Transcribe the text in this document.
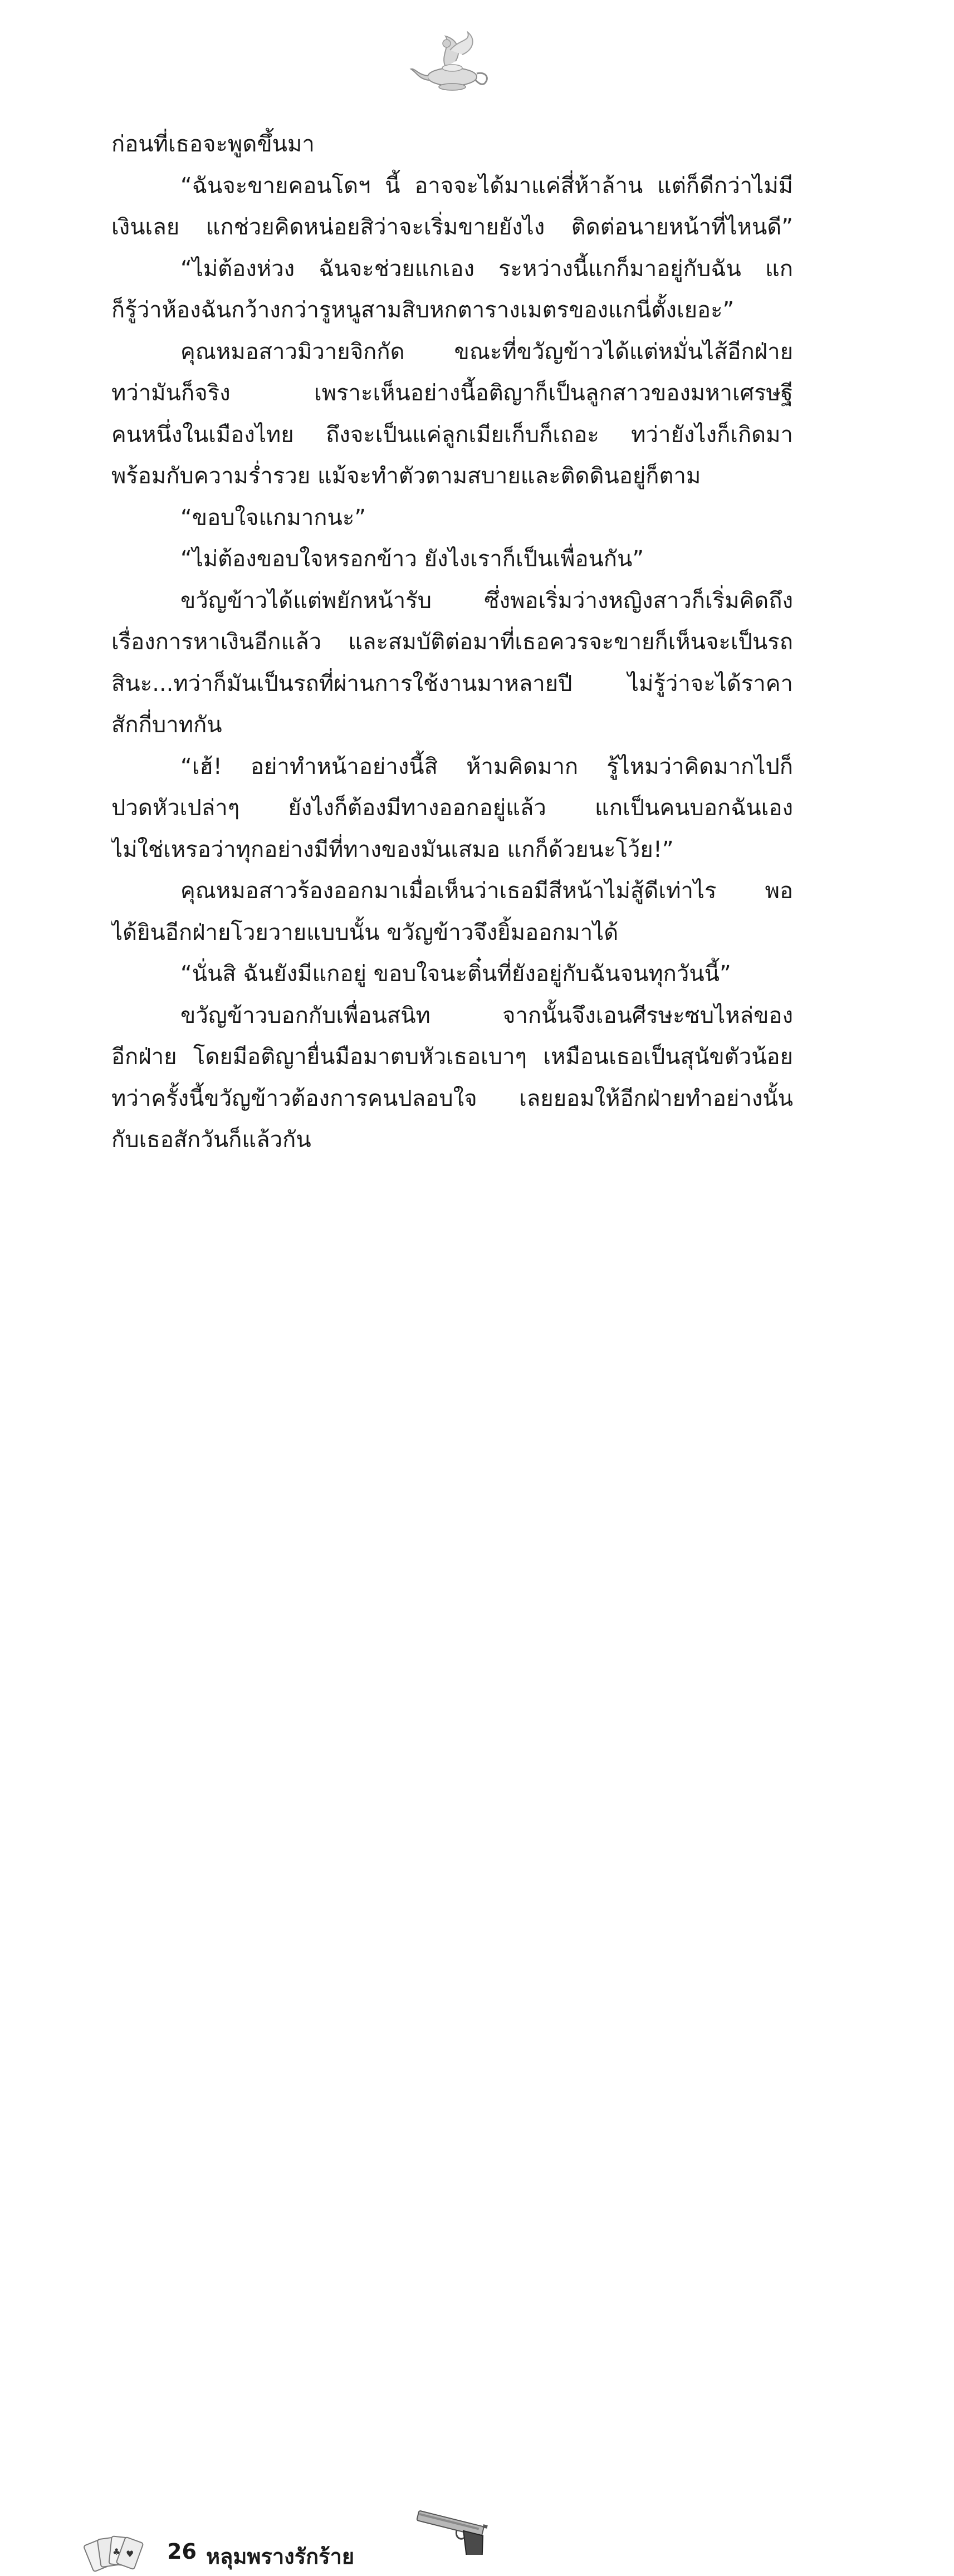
ก่อนที่เธอจะพูดขึ้นมา
“ฉันจะขายคอนโดฯ นี้ อาจจะได้มาแค่สี่ห้าล้าน แต่ก็ดีกว่าไม่มี
เงินเลย แกช่วยคิดหน่อยสิว่าจะเริ่มขายยังไง ติดต่อนายหน้าที่ไหนดี”
“ไม่ต้องห่วง ฉันจะช่วยแกเอง ระหว่างนี้แกก็มาอยู่กับฉัน แก
ก็รู้ว่าห้องฉันกว้างกว่ารูหนูสามสิบหกตารางเมตรของแกนี่ตั้งเยอะ”
คุณหมอสาวมิวายจิกกัด ขณะที่ขวัญข้าวได้แต่หมั่นไส้อีกฝ่าย
ทว่ามันก็จริง เพราะเห็นอย่างนี้อติญาก็เป็นลูกสาวของมหาเศรษฐี
คนหนึ่งในเมืองไทย ถึงจะเป็นแค่ลูกเมียเก็บก็เถอะ ทว่ายังไงก็เกิดมา
พร้อมกับความร่ำรวย แม้จะทำตัวตามสบายและติดดินอยู่ก็ตาม
“ขอบใจแกมากนะ”
“ไม่ต้องขอบใจหรอกข้าว ยังไงเราก็เป็นเพื่อนกัน”
ขวัญข้าวได้แต่พยักหน้ารับ ซึ่งพอเริ่มว่างหญิงสาวก็เริ่มคิดถึง
เรื่องการหาเงินอีกแล้ว และสมบัติต่อมาที่เธอควรจะขายก็เห็นจะเป็นรถ
สินะ...ทว่าก็มันเป็นรถที่ผ่านการใช้งานมาหลายปี ไม่รู้ว่าจะได้ราคา
สักกี่บาทกัน
“เฮ้! อย่าทำหน้าอย่างนี้สิ ห้ามคิดมาก รู้ไหมว่าคิดมากไปก็
ปวดหัวเปล่าๆ ยังไงก็ต้องมีทางออกอยู่แล้ว แกเป็นคนบอกฉันเอง
ไม่ใช่เหรอว่าทุกอย่างมีที่ทางของมันเสมอ แกก็ด้วยนะโว้ย!”
คุณหมอสาวร้องออกมาเมื่อเห็นว่าเธอมีสีหน้าไม่สู้ดีเท่าไร พอ
ได้ยินอีกฝ่ายโวยวายแบบนั้น ขวัญข้าวจึงยิ้มออกมาได้
“นั่นสิ ฉันยังมีแกอยู่ ขอบใจนะติ๋นที่ยังอยู่กับฉันจนทุกวันนี้”
ขวัญข้าวบอกกับเพื่อนสนิท จากนั้นจึงเอนศีรษะซบไหล่ของ
อีกฝ่าย โดยมีอติญายื่นมือมาตบหัวเธอเบาๆ เหมือนเธอเป็นสุนัขตัวน้อย
ทว่าครั้งนี้ขวัญข้าวต้องการคนปลอบใจ เลยยอมให้อีกฝ่ายทำอย่างนั้น
กับเธอสักวันก็แล้วกัน
♣ ♥ 26 หลุมพรางรักร้าย
